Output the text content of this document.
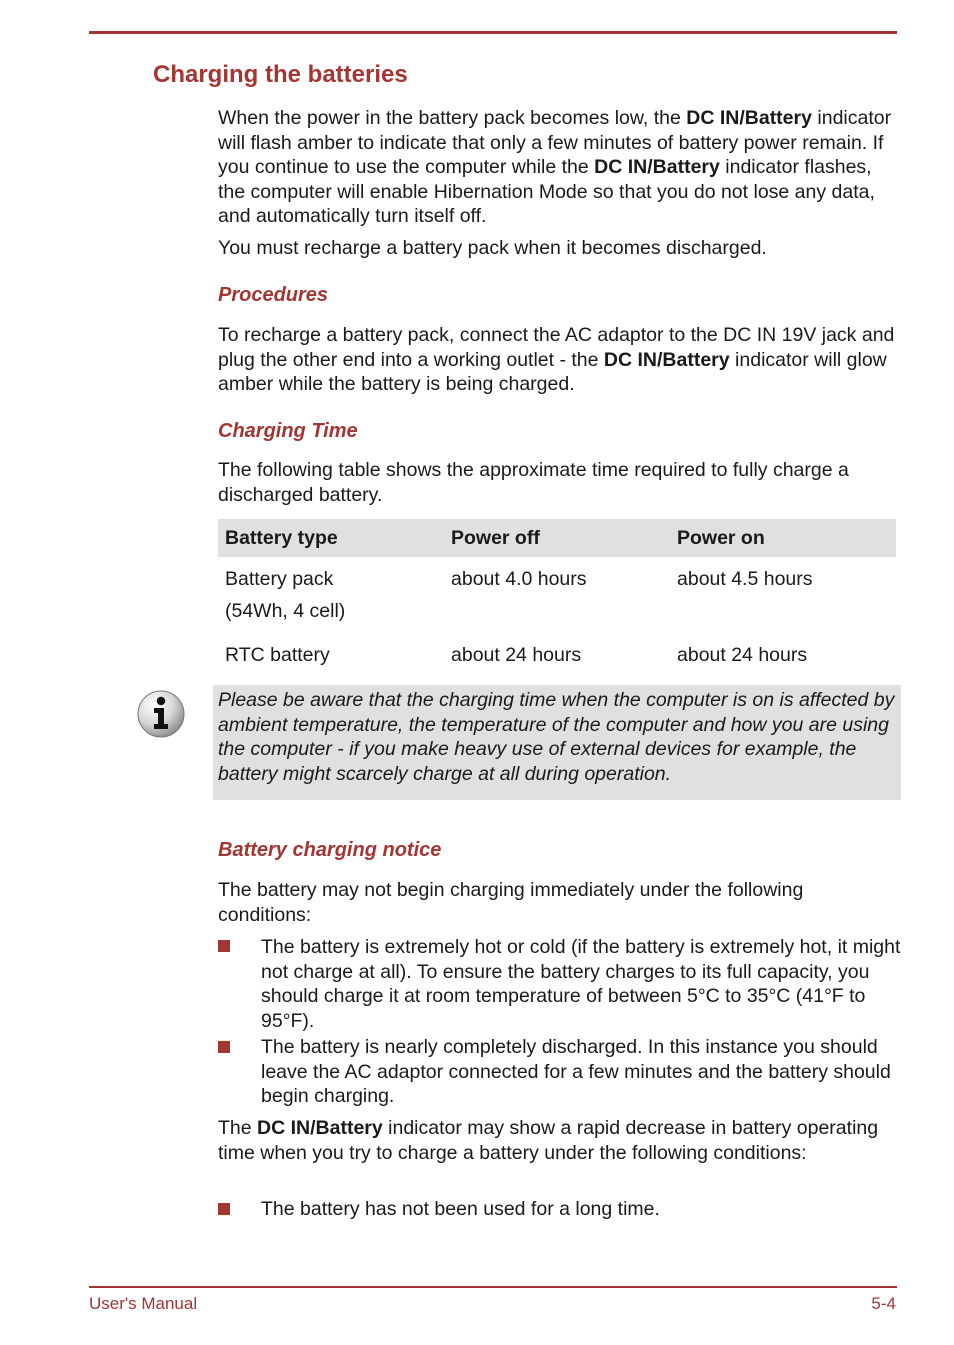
Charging the batteries
When the power in the battery pack becomes low, the DC IN/Battery indicator will flash amber to indicate that only a few minutes of battery power remain. If you continue to use the computer while the DC IN/Battery indicator flashes, the computer will enable Hibernation Mode so that you do not lose any data, and automatically turn itself off.
You must recharge a battery pack when it becomes discharged.
Procedures
To recharge a battery pack, connect the AC adaptor to the DC IN 19V jack and plug the other end into a working outlet - the DC IN/Battery indicator will glow amber while the battery is being charged.
Charging Time
The following table shows the approximate time required to fully charge a discharged battery.
Battery type	Power off	Power on

Battery pack
(54Wh, 4 cell)	about 4.0 hours	about 4.5 hours
RTC battery	about 24 hours	about 24 hours
Please be aware that the charging time when the computer is on is affected by ambient temperature, the temperature of the computer and how you are using the computer - if you make heavy use of external devices for example, the battery might scarcely charge at all during operation.
Battery charging notice
The battery may not begin charging immediately under the following conditions:
The battery is extremely hot or cold (if the battery is extremely hot, it might not charge at all). To ensure the battery charges to its full capacity, you should charge it at room temperature of between 5°C to 35°C (41°F to 95°F).
The battery is nearly completely discharged. In this instance you should leave the AC adaptor connected for a few minutes and the battery should begin charging.
The DC IN/Battery indicator may show a rapid decrease in battery operating time when you try to charge a battery under the following conditions:
The battery has not been used for a long time.
User's Manual	5-4
